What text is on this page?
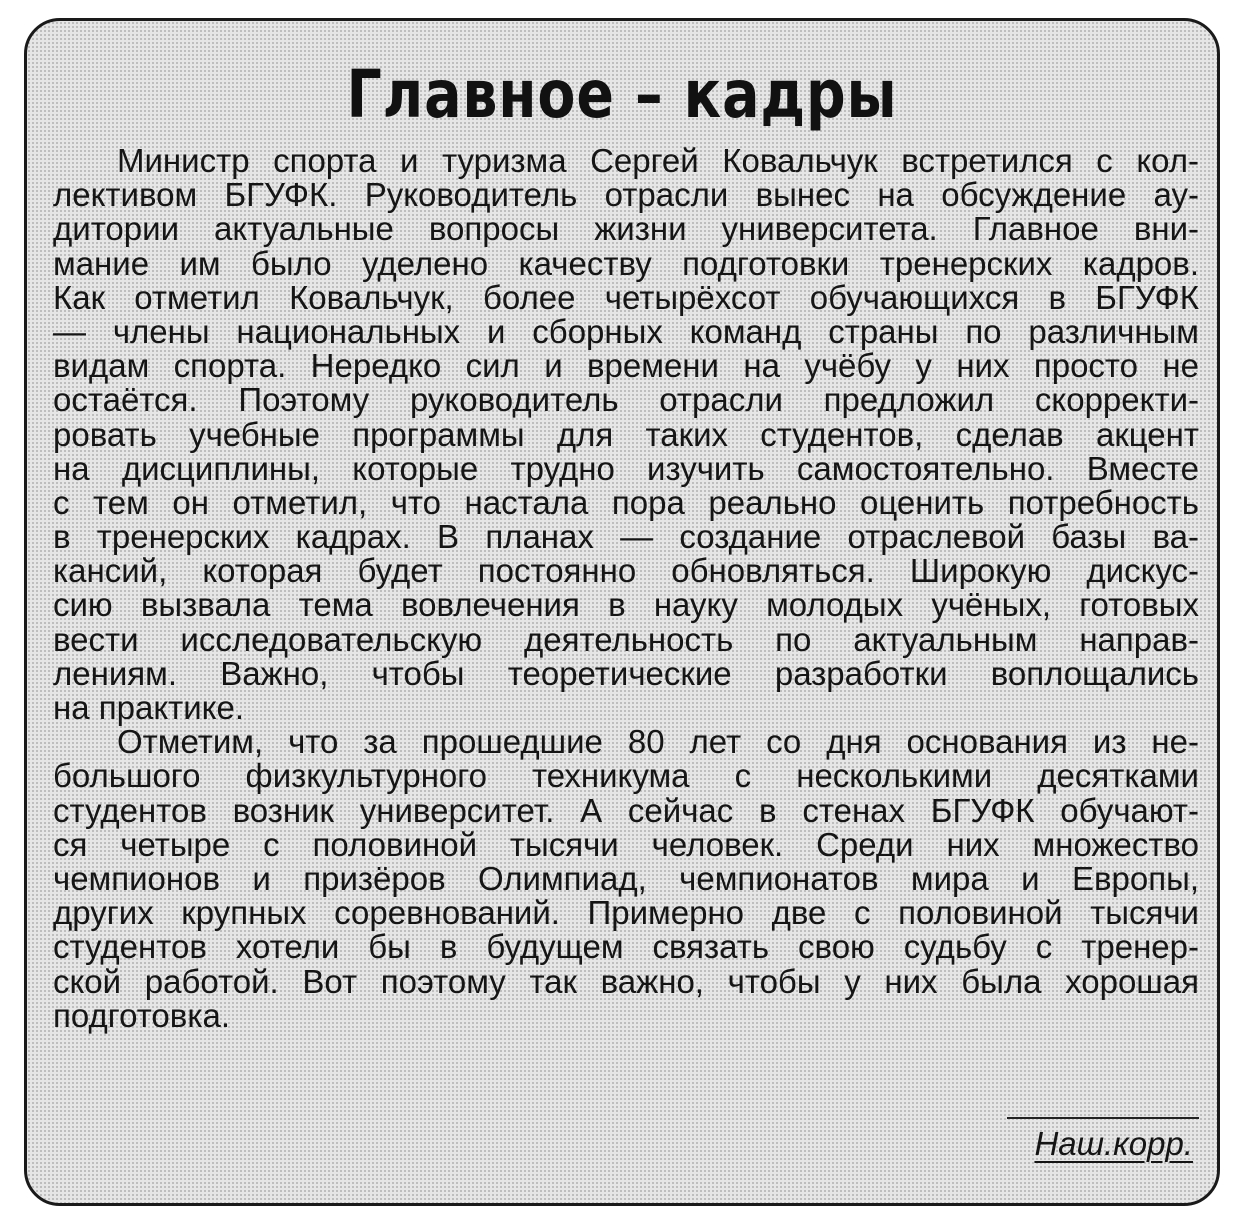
Главное – кадры
Министр спорта и туризма Сергей Ковальчук встретился с кол-
лективом БГУФК. Руководитель отрасли вынес на обсуждение ау-
дитории актуальные вопросы жизни университета. Главное вни-
мание им было уделено качеству подготовки тренерских кадров.
Как отметил Ковальчук, более четырёхсот обучающихся в БГУФК
— члены национальных и сборных команд страны по различным
видам спорта. Нередко сил и времени на учёбу у них просто не
остаётся. Поэтому руководитель отрасли предложил скорректи-
ровать учебные программы для таких студентов, сделав акцент
на дисциплины, которые трудно изучить самостоятельно. Вместе
с тем он отметил, что настала пора реально оценить потребность
в тренерских кадрах. В планах — создание отраслевой базы ва-
кансий, которая будет постоянно обновляться. Широкую дискус-
сию вызвала тема вовлечения в науку молодых учёных, готовых
вести исследовательскую деятельность по актуальным направ-
лениям. Важно, чтобы теоретические разработки воплощались
на практике.
Отметим, что за прошедшие 80 лет со дня основания из не-
большого физкультурного техникума с несколькими десятками
студентов возник университет. А сейчас в стенах БГУФК обучают-
ся четыре с половиной тысячи человек. Среди них множество
чемпионов и призёров Олимпиад, чемпионатов мира и Европы,
других крупных соревнований. Примерно две с половиной тысячи
студентов хотели бы в будущем связать свою судьбу с тренер-
ской работой. Вот поэтому так важно, чтобы у них была хорошая
подготовка.
Наш.корр.
